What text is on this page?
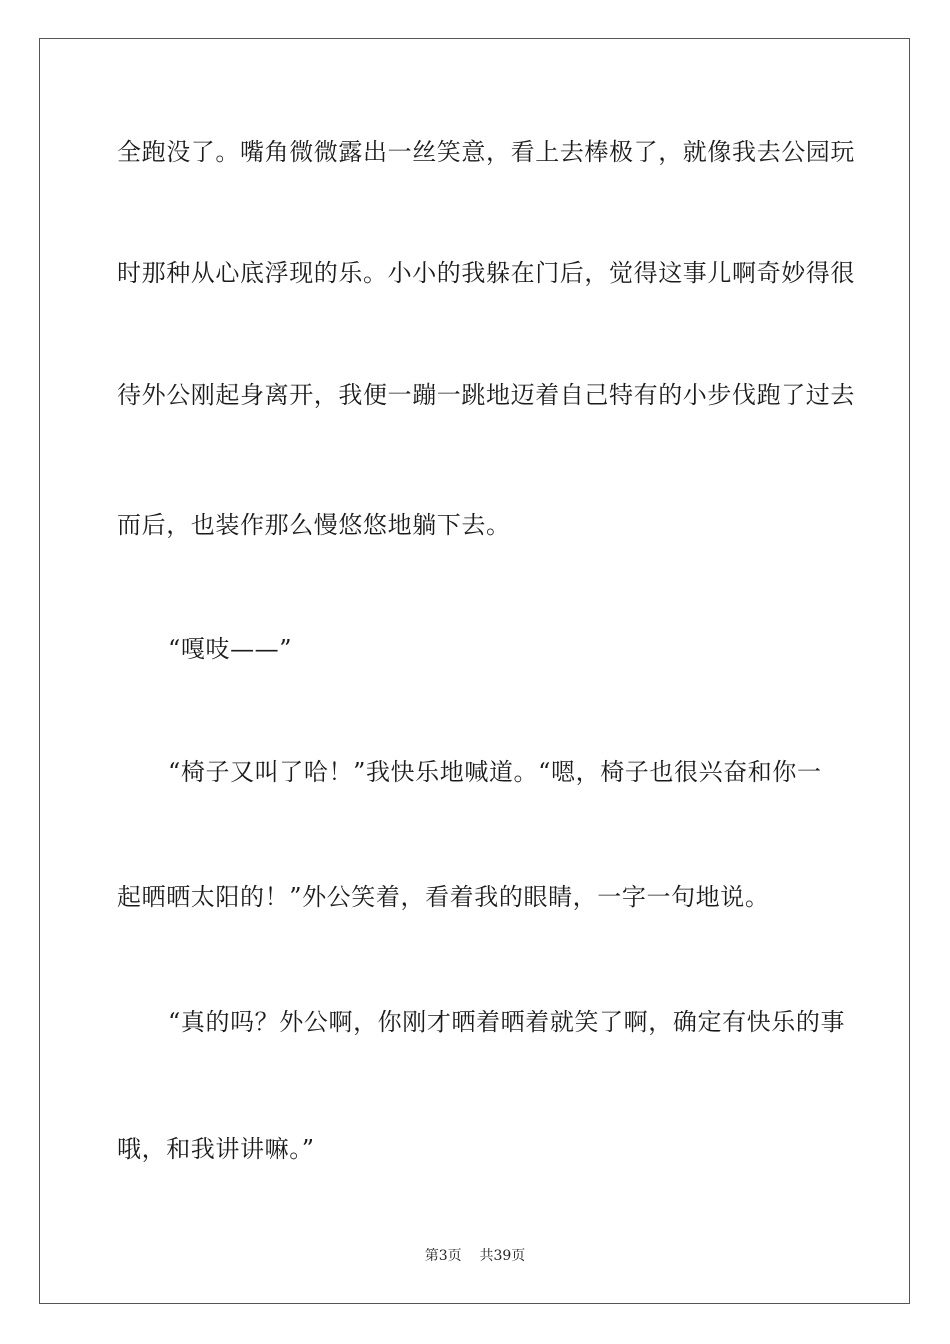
全跑没了。嘴角微微露出一丝笑意，看上去棒极了，就像我去公园玩
时那种从心底浮现的乐。小小的我躲在门后，觉得这事儿啊奇妙得很
待外公刚起身离开，我便一蹦一跳地迈着自己特有的小步伐跑了过去
而后，也装作那么慢悠悠地躺下去。
“嘎吱——”
“椅子又叫了哈！”我快乐地喊道。“嗯，椅子也很兴奋和你一
起晒晒太阳的！”外公笑着，看着我的眼睛，一字一句地说。
“真的吗？外公啊，你刚才晒着晒着就笑了啊，确定有快乐的事
哦，和我讲讲嘛。”
第3页 共39页
